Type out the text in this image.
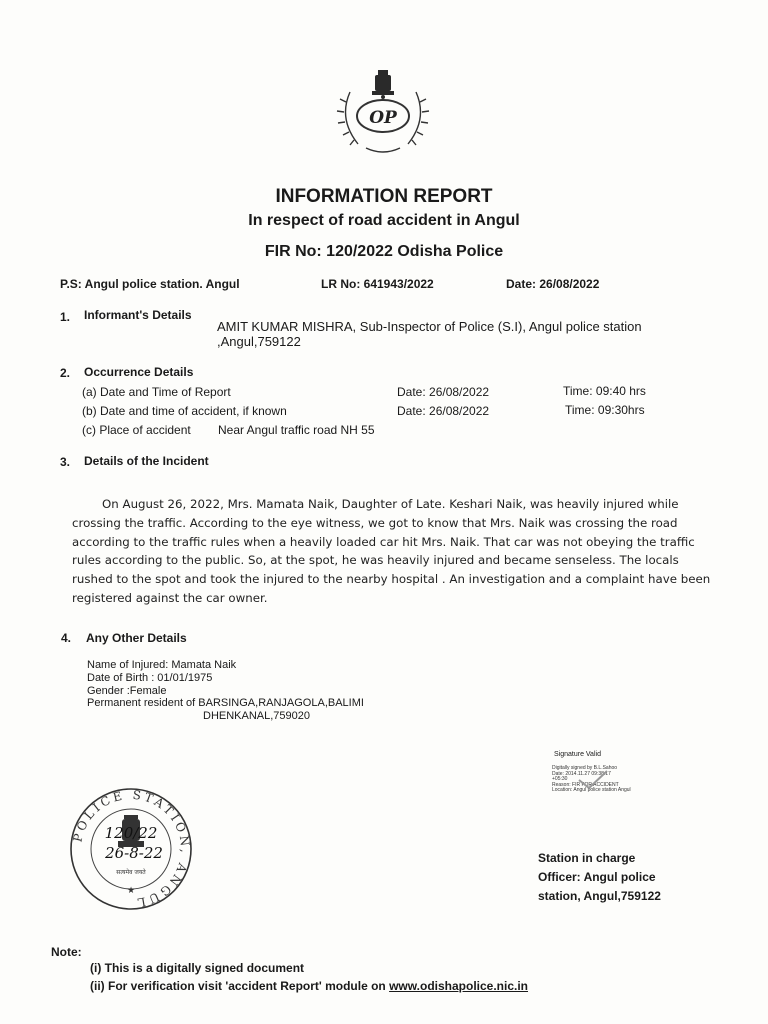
OP
INFORMATION REPORT
In respect of road accident in Angul
FIR No: 120/2022 Odisha Police
P.S: Angul police station. Angul	LR No: 641943/2022	Date: 26/08/2022
1. Informant's Details
AMIT KUMAR MISHRA, Sub-Inspector of Police (S.I), Angul police station
,Angul,759122
2. Occurrence Details
(a) Date and Time of Report	Date: 26/08/2022	Time: 09:40 hrs
(b) Date and time of accident, if known	Date: 26/08/2022	Time: 09:30hrs
(c) Place of accident Near Angul traffic road NH 55
3. Details of the Incident
On August 26, 2022, Mrs. Mamata Naik, Daughter of Late. Keshari Naik, was heavily injured while crossing the traffic. According to the eye witness, we got to know that Mrs. Naik was crossing the road according to the traffic rules when a heavily loaded car hit Mrs. Naik. That car was not obeying the traffic rules according to the public. So, at the spot, he was heavily injured and became senseless. The locals rushed to the spot and took the injured to the nearby hospital . An investigation and a complaint have been registered against the car owner.
4. Any Other Details
Name of Injured: Mamata Naik
Date of Birth : 01/01/1975
Gender :Female
Permanent resident of BARSINGA,RANJAGOLA,BALIMI
DHENKANAL,759020
Signature Valid
Digitally signed by B.L.Sahoo
Date: 2014.11.27 09:38:17
+05:30
Reason: FIR FOR ACCIDENT
Location: Angul police station Angul
POLICE STATION, ANGUL
120/22
26-8-22
सत्यमेव जयते
★
Station in charge
Officer: Angul police
station, Angul,759122
Note:
(i) This is a digitally signed document
(ii) For verification visit 'accident Report' module on www.odishapolice.nic.in
